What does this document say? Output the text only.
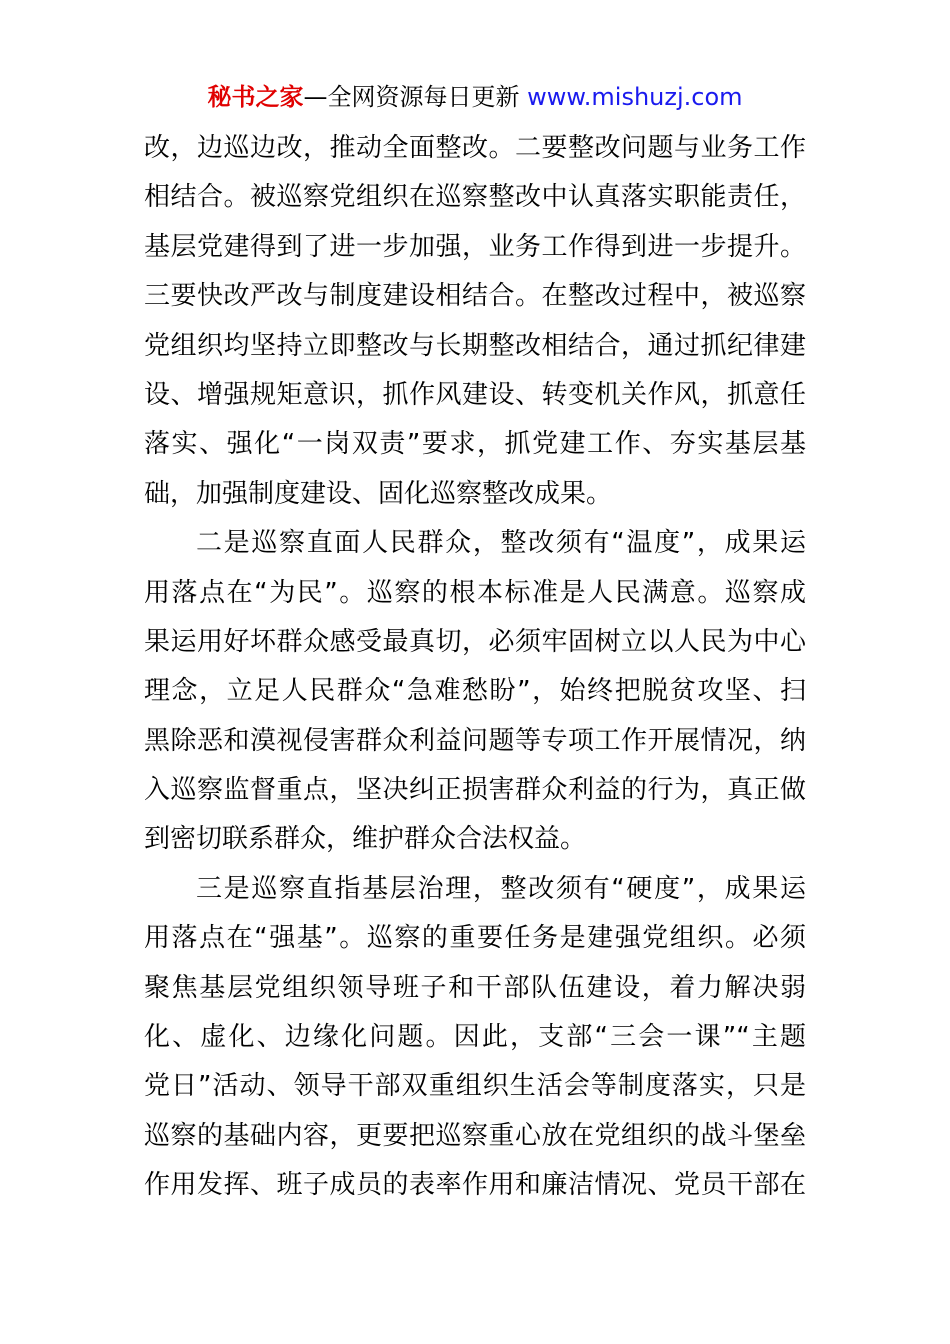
秘书之家—全网资源每日更新 www.mishuzj.com
改，边巡边改，推动全面整改。二要整改问题与业务工作
相结合。被巡察党组织在巡察整改中认真落实职能责任，
基层党建得到了进一步加强，业务工作得到进一步提升。
三要快改严改与制度建设相结合。在整改过程中，被巡察
党组织均坚持立即整改与长期整改相结合，通过抓纪律建
设、增强规矩意识，抓作风建设、转变机关作风，抓意任
落实、强化“一岗双责”要求，抓党建工作、夯实基层基
础，加强制度建设、固化巡察整改成果。
二是巡察直面人民群众，整改须有“温度”，成果运
用落点在“为民”。巡察的根本标准是人民满意。巡察成
果运用好坏群众感受最真切，必须牢固树立以人民为中心
理念，立足人民群众“急难愁盼”，始终把脱贫攻坚、扫
黑除恶和漠视侵害群众利益问题等专项工作开展情况，纳
入巡察监督重点，坚决纠正损害群众利益的行为，真正做
到密切联系群众，维护群众合法权益。
三是巡察直指基层治理，整改须有“硬度”，成果运
用落点在“强基”。巡察的重要任务是建强党组织。必须
聚焦基层党组织领导班子和干部队伍建设，着力解决弱
化、虚化、边缘化问题。因此，支部“三会一课”“主题
党日”活动、领导干部双重组织生活会等制度落实，只是
巡察的基础内容，更要把巡察重心放在党组织的战斗堡垒
作用发挥、班子成员的表率作用和廉洁情况、党员干部在
